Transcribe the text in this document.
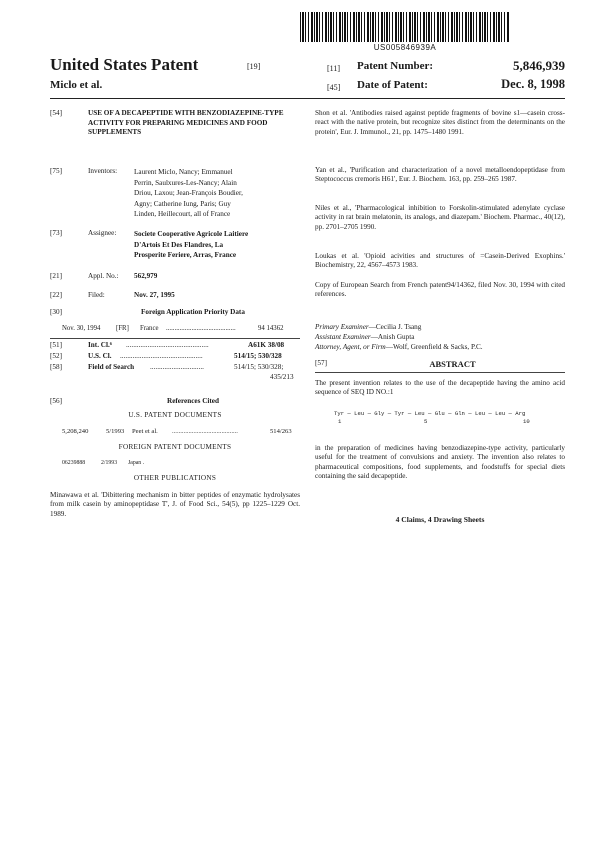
US005846939A
United States Patent	[19]
Miclo et al.
[11] Patent Number:	5,846,939
[45] Date of Patent:	Dec. 8, 1998
[54]	USE OF A DECAPEPTIDE WITH BENZODIAZEPINE-TYPE ACTIVITY FOR PREPARING MEDICINES AND FOOD SUPPLEMENTS
[75]	Inventors: Laurent Miclo, Nancy; Emmanuel
Perrin, Saulxures-Les-Nancy; Alain
Driou, Laxou; Jean-François Boudier,
Agny; Catherine Iung, Paris; Guy
Linden, Heillecourt, all of France
[73]	Assignee: Societe Cooperative Agricole Laitiere
D'Artois Et Des Flandres, La
Prosperite Feriere, Arras, France
[21]	Appl. No.: 562,979
[22]	Filed:	Nov. 27, 1995
[30]	Foreign Application Priority Data
Nov. 30, 1994 [FR] France .........................................	94 14362
[51]	Int. Cl.⁶ ..............................................	A61K 38/08
[52]	U.S. Cl. ..............................................	514/15; 530/328
[58]	Field of Search ..............................	514/15; 530/328;
435/213
[56]	References Cited
U.S. PATENT DOCUMENTS
5,208,240	5/1993 Peet et al. ........................................	514/263
FOREIGN PATENT DOCUMENTS
06239888	2/1993 Japan .
OTHER PUBLICATIONS
Minawawa et al. 'Dibittering mechanism in bitter peptides of enzymatic hydrolysates from milk casein by aminopeptidase T', J. of Food Sci., 54(5), pp 1225–1229 Oct. 1989.
Shon et al. 'Antibodies raised against peptide fragments of bovine s1—casein cross-react with the native protein, but recognize sites distinct from the determinants on the protein', Eur. J. Immunol., 21, pp. 1475–1480 1991.
Yan et al., 'Purification and characterization of a novel metalloendopeptidase from Steptococcus cremoris H61', Eur. J. Biochem. 163, pp. 259–265 1987.
Niles et al., 'Pharmacological inhibition to Forskolin-stimulated adenylate cyclase activity in rat brain melatonin, its analogs, and diazepam.' Biochem. Pharmac., 40(12), pp. 2701–2705 1990.
Loukas et al. 'Opioid acivities and structures of =Casein-Derived Exophins.' Biochemistry, 22, 4567–4573 1983.
Copy of European Search from French patent94/14362, filed Nov. 30, 1994 with cited references.
Primary Examiner—Cecilia J. Tsang
Assistant Examiner—Anish Gupta
Attorney, Agent, or Firm—Wolf, Greenfield & Sacks, P.C.
[57]	ABSTRACT
The present invention relates to the use of the decapeptide having the amino acid sequence of SEQ ID NO.:1
Tyr — Leu — Gly — Tyr — Leu — Glu — Gln — Leu — Leu — Arg
1	5	10
in the preparation of medicines having benzodiazepine-type activity, particularly useful for the treatment of convulsions and anxiety. The invention also relates to pharmaceutical compositions, food supplements, and foodstuffs for special diets containing the said decapeptide.
4 Claims, 4 Drawing Sheets
